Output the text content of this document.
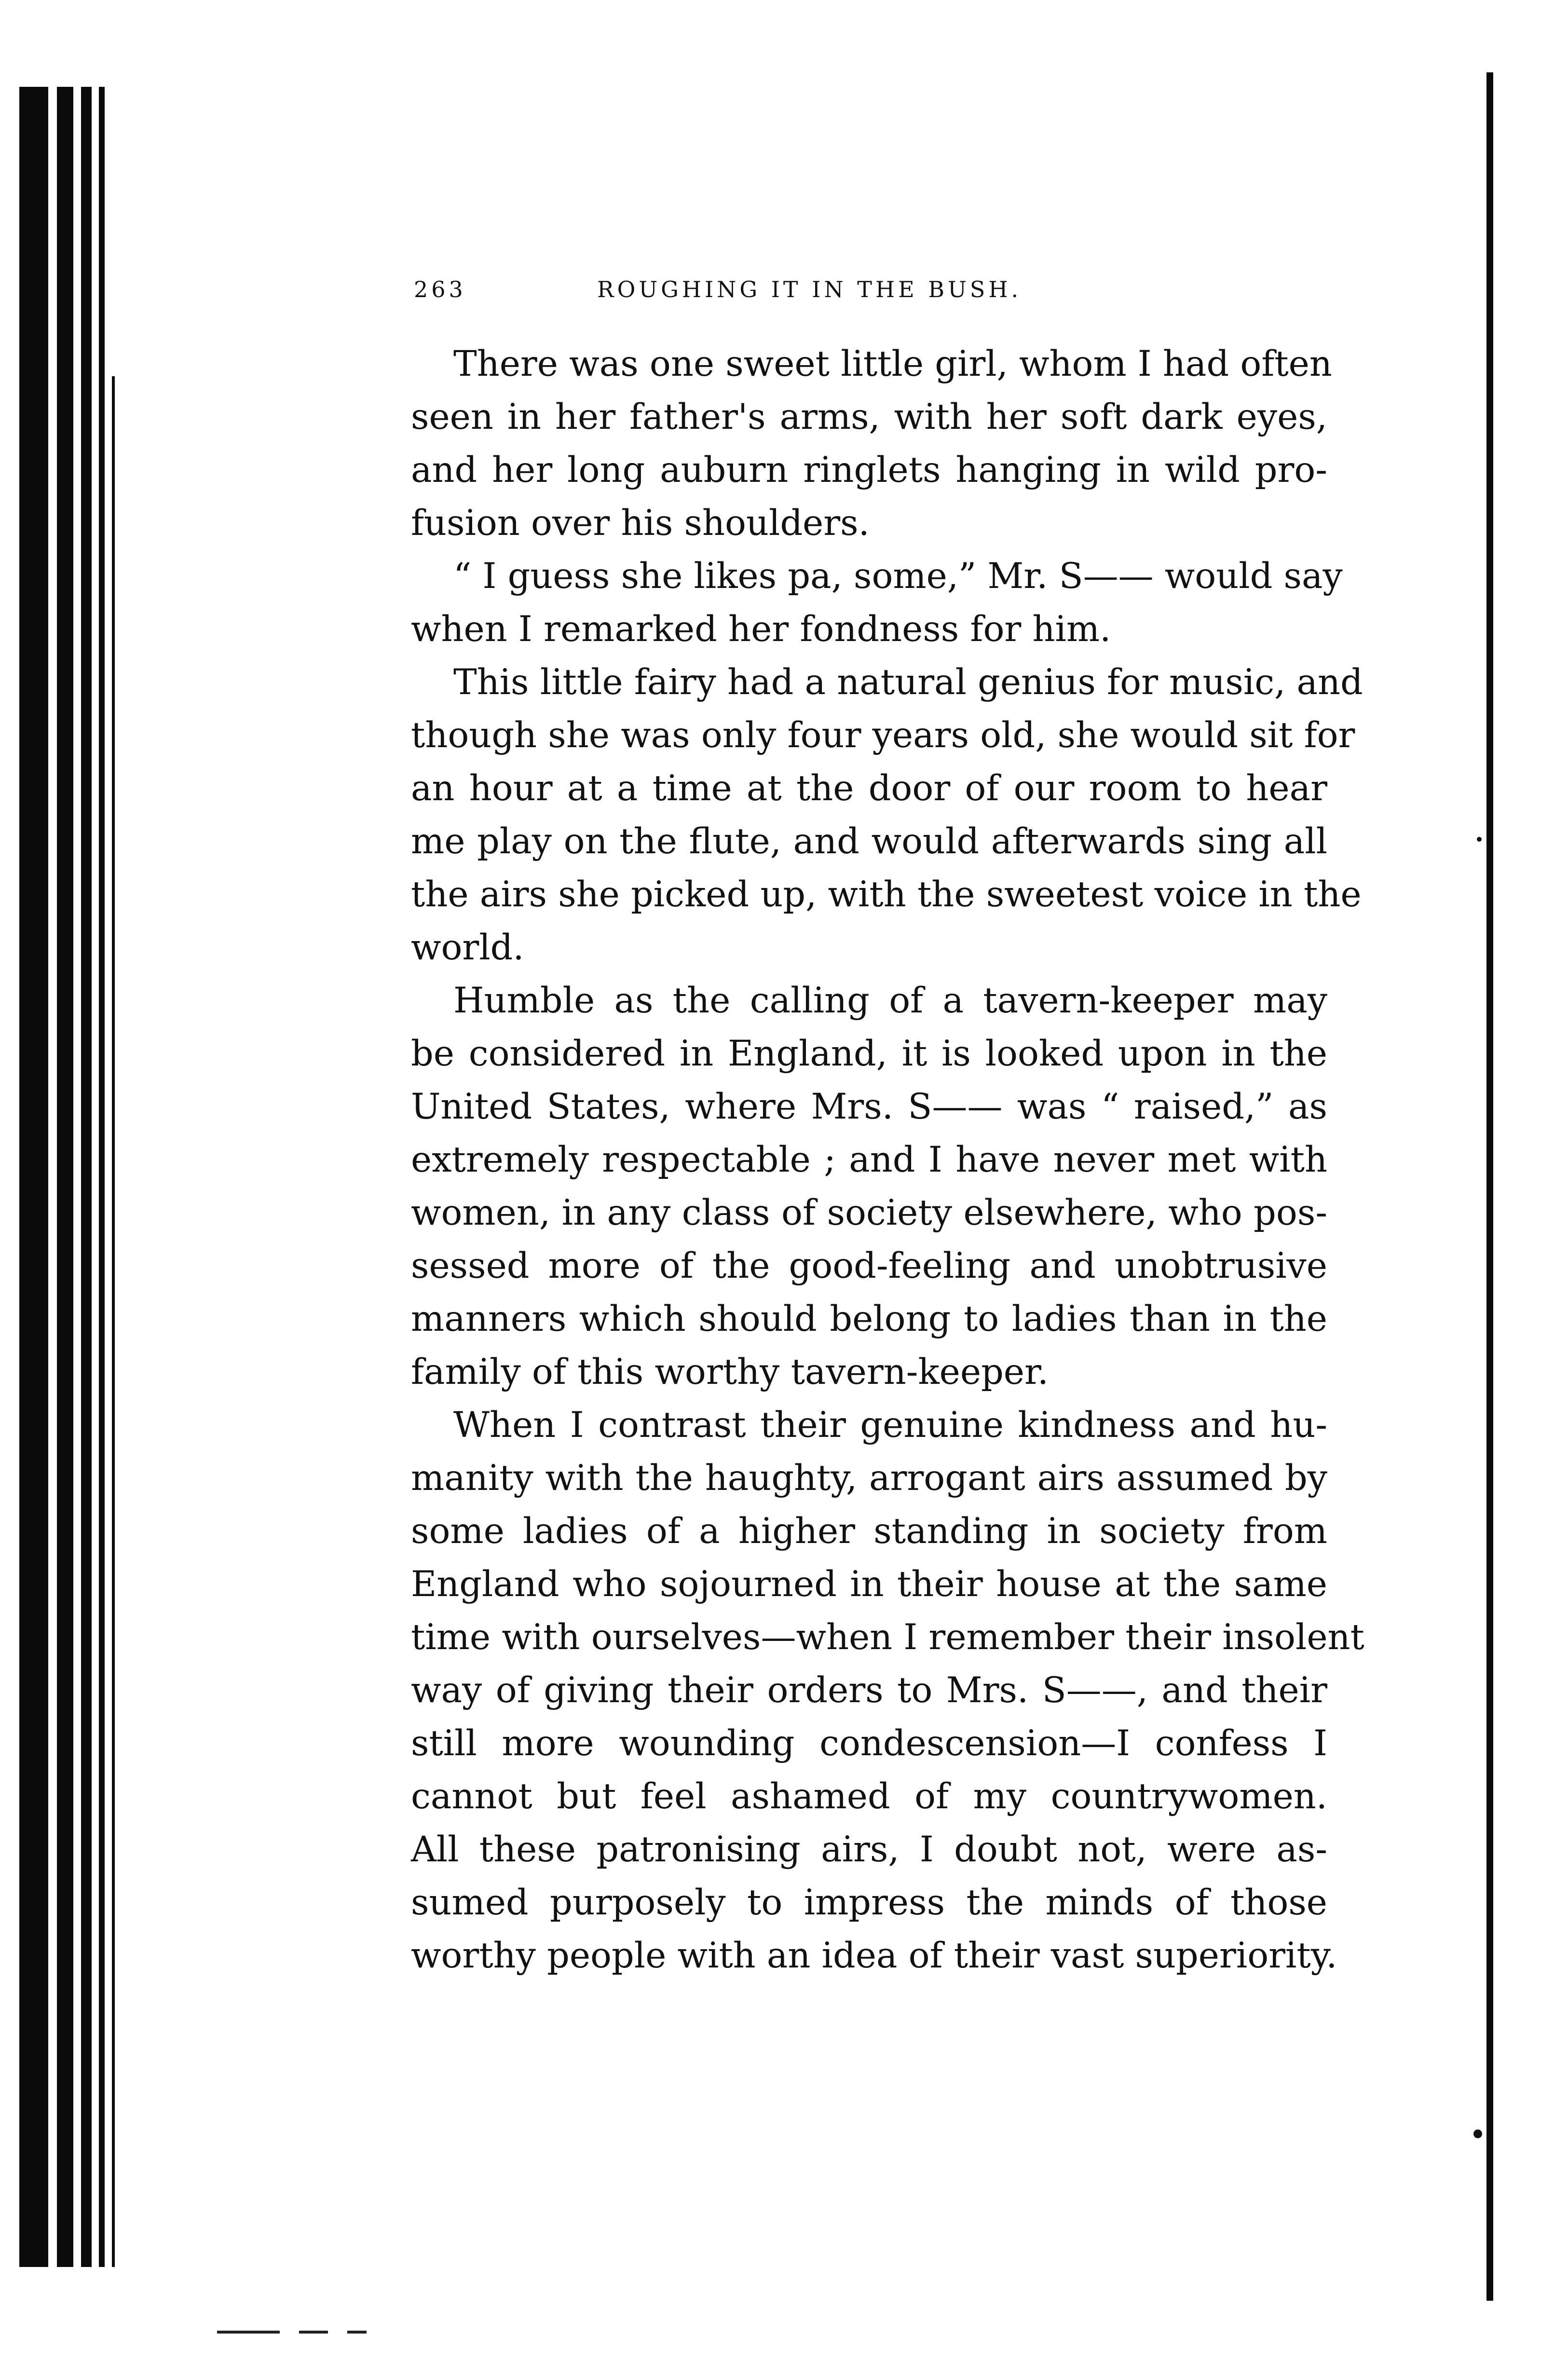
263	ROUGHING IT IN THE BUSH.
There was one sweet little girl, whom I had often
seen in her father's arms, with her soft dark eyes,
and her long auburn ringlets hanging in wild pro-
fusion over his shoulders.
“ I guess she likes pa, some,” Mr. S—— would say
when I remarked her fondness for him.
This little fairy had a natural genius for music, and
though she was only four years old, she would sit for
an hour at a time at the door of our room to hear
me play on the flute, and would afterwards sing all
the airs she picked up, with the sweetest voice in the
world.
Humble as the calling of a tavern-keeper may
be considered in England, it is looked upon in the
United States, where Mrs. S—— was “ raised,” as
extremely respectable ; and I have never met with
women, in any class of society elsewhere, who pos-
sessed more of the good-feeling and unobtrusive
manners which should belong to ladies than in the
family of this worthy tavern-keeper.
When I contrast their genuine kindness and hu-
manity with the haughty, arrogant airs assumed by
some ladies of a higher standing in society from
England who sojourned in their house at the same
time with ourselves—when I remember their insolent
way of giving their orders to Mrs. S——, and their
still more wounding condescension—I confess I
cannot but feel ashamed of my countrywomen.
All these patronising airs, I doubt not, were as-
sumed purposely to impress the minds of those
worthy people with an idea of their vast superiority.
